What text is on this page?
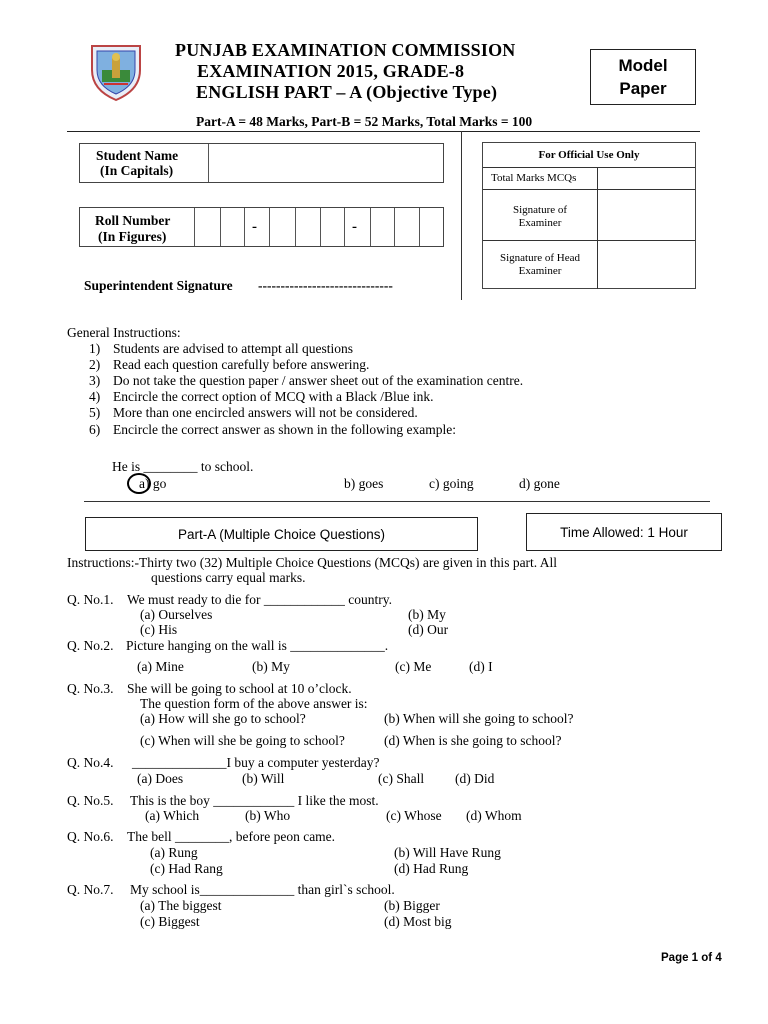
PUNJAB EXAMINATION COMMISSION
EXAMINATION 2015, GRADE-8
ENGLISH PART – A (Objective Type)
Model
Paper
Part-A = 48 Marks, Part-B = 52 Marks, Total Marks = 100
Student Name
(In Capitals)
Roll Number
(In Figures)
-	-
Superintendent Signature ------------------------------
For Official Use Only
Total Marks MCQs
Signature of
Examiner
Signature of Head
Examiner
General Instructions:
1) Students are advised to attempt all questions
2) Read each question carefully before answering.
3) Do not take the question paper / answer sheet out of the examination centre.
4) Encircle the correct option of MCQ with a Black /Blue ink.
5) More than one encircled answers will not be considered.
6) Encircle the correct answer as shown in the following example:
He is ________ to school.
a) go	b) goes	c) going	d) gone
Part-A (Multiple Choice Questions)	Time Allowed: 1 Hour
Instructions:-Thirty two (32) Multiple Choice Questions (MCQs) are given in this part. All
questions carry equal marks.
Q. No.1. We must ready to die for ____________ country.
(a) Ourselves	(b) My
(c) His	(d) Our
Q. No.2. Picture hanging on the wall is ______________.
(a) Mine	(b) My	(c) Me	(d) I
Q. No.3. She will be going to school at 10 o’clock.
The question form of the above answer is:
(a) How will she go to school?	(b) When will she going to school?
(c) When will she be going to school?	(d) When is she going to school?
Q. No.4. ______________I buy a computer yesterday?
(a) Does	(b) Will	(c) Shall (d) Did
Q. No.5. This is the boy ____________ I like the most.
(a) Which	(b) Who	(c) Whose (d) Whom
Q. No.6. The bell ________, before peon came.
(a) Rung	(b) Will Have Rung
(c) Had Rang	(d) Had Rung
Q. No.7. My school is______________ than girl`s school.
(a) The biggest	(b) Bigger
(c) Biggest	(d) Most big
Page 1 of 4
